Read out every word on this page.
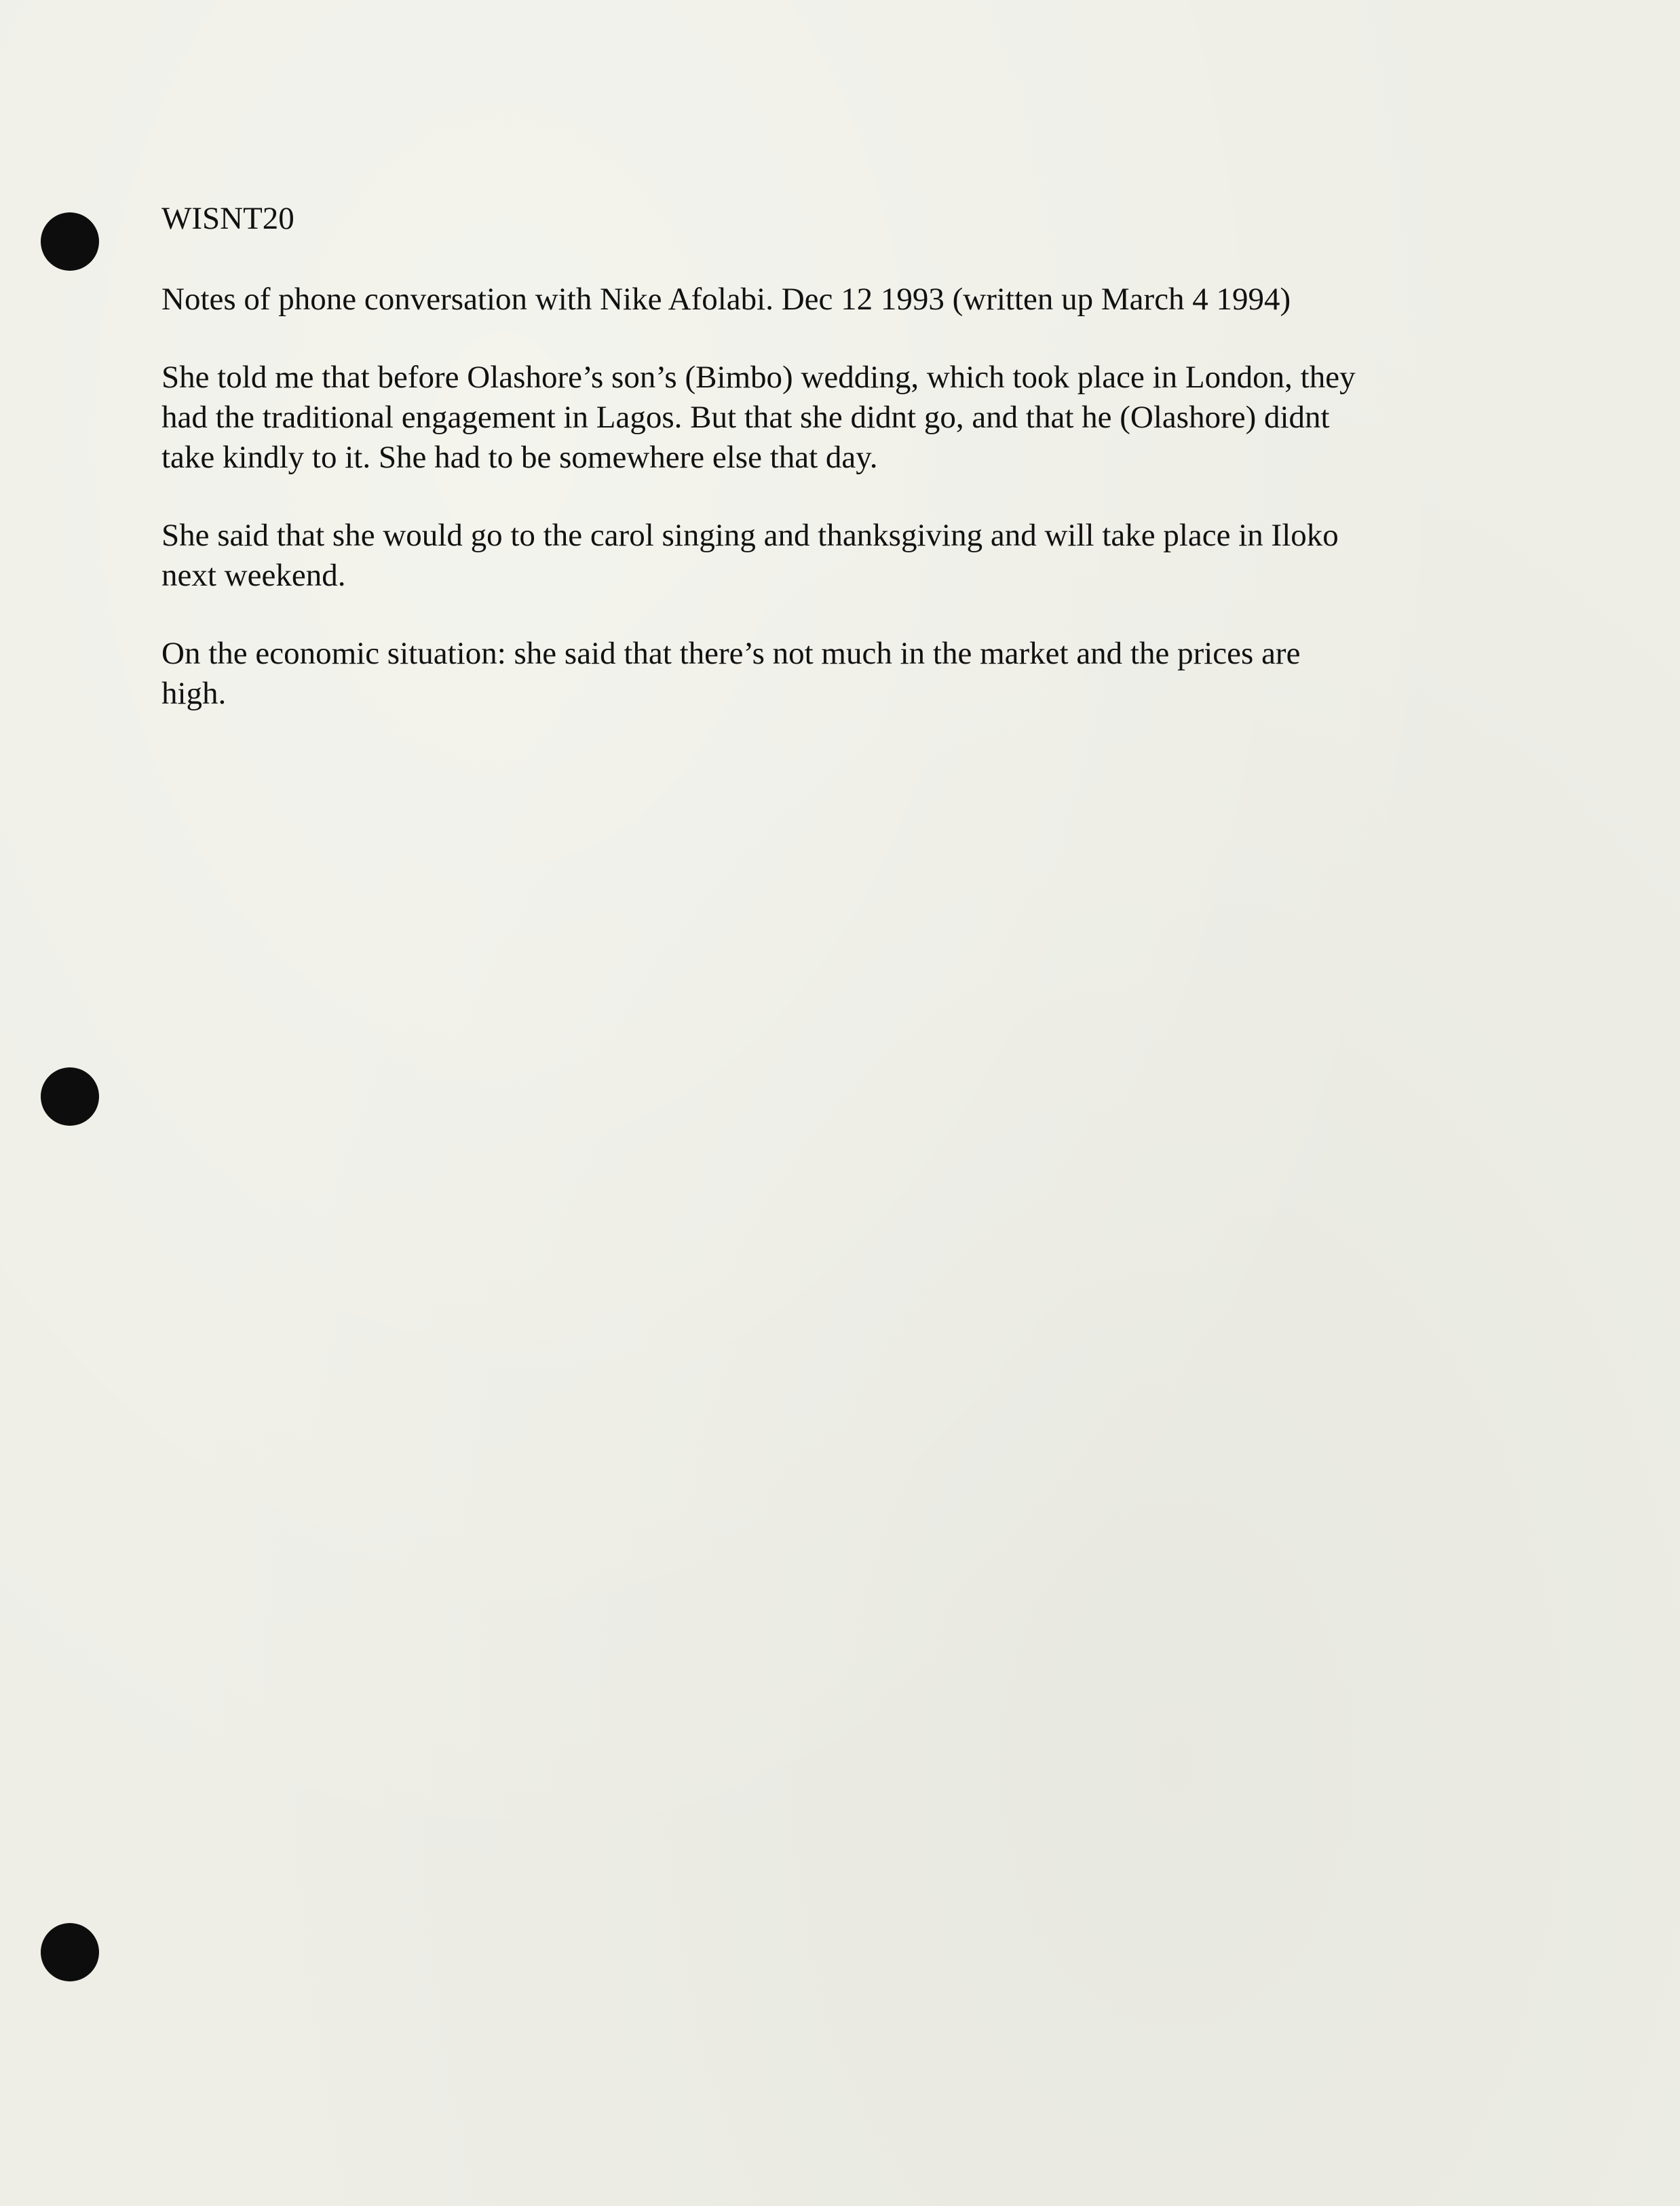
WISNT20

Notes of phone conversation with Nike Afolabi. Dec 12 1993 (written up March 4 1994)

She told me that before Olashore’s son’s (Bimbo) wedding, which took place in London, they
had the traditional engagement in Lagos. But that she didnt go, and that he (Olashore) didnt
take kindly to it. She had to be somewhere else that day.

She said that she would go to the carol singing and thanksgiving and will take place in Iloko
next weekend.

On the economic situation: she said that there’s not much in the market and the prices are
high.
